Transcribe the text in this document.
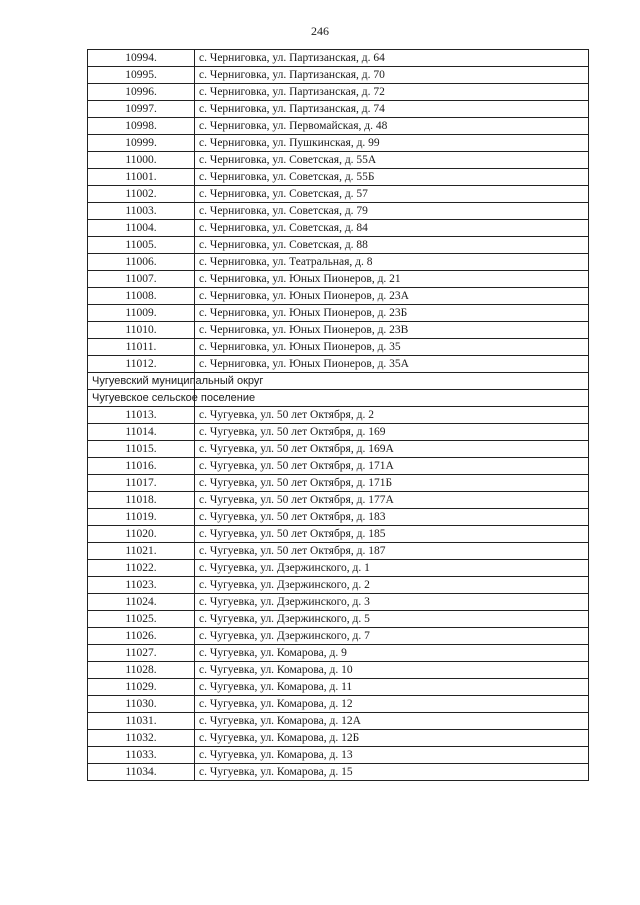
246
10994.	с. Черниговка, ул. Партизанская, д. 64
10995.	с. Черниговка, ул. Партизанская, д. 70
10996.	с. Черниговка, ул. Партизанская, д. 72
10997.	с. Черниговка, ул. Партизанская, д. 74
10998.	с. Черниговка, ул. Первомайская, д. 48
10999.	с. Черниговка, ул. Пушкинская, д. 99
11000.	с. Черниговка, ул. Советская, д. 55А
11001.	с. Черниговка, ул. Советская, д. 55Б
11002.	с. Черниговка, ул. Советская, д. 57
11003.	с. Черниговка, ул. Советская, д. 79
11004.	с. Черниговка, ул. Советская, д. 84
11005.	с. Черниговка, ул. Советская, д. 88
11006.	с. Черниговка, ул. Театральная, д. 8
11007.	с. Черниговка, ул. Юных Пионеров, д. 21
11008.	с. Черниговка, ул. Юных Пионеров, д. 23А
11009.	с. Черниговка, ул. Юных Пионеров, д. 23Б
11010.	с. Черниговка, ул. Юных Пионеров, д. 23В
11011.	с. Черниговка, ул. Юных Пионеров, д. 35
11012.	с. Черниговка, ул. Юных Пионеров, д. 35А
Чугуевский муниципальный округ	
Чугуевское сельское поселение	
11013.	с. Чугуевка, ул. 50 лет Октября, д. 2
11014.	с. Чугуевка, ул. 50 лет Октября, д. 169
11015.	с. Чугуевка, ул. 50 лет Октября, д. 169А
11016.	с. Чугуевка, ул. 50 лет Октября, д. 171А
11017.	с. Чугуевка, ул. 50 лет Октября, д. 171Б
11018.	с. Чугуевка, ул. 50 лет Октября, д. 177А
11019.	с. Чугуевка, ул. 50 лет Октября, д. 183
11020.	с. Чугуевка, ул. 50 лет Октября, д. 185
11021.	с. Чугуевка, ул. 50 лет Октября, д. 187
11022.	с. Чугуевка, ул. Дзержинского, д. 1
11023.	с. Чугуевка, ул. Дзержинского, д. 2
11024.	с. Чугуевка, ул. Дзержинского, д. 3
11025.	с. Чугуевка, ул. Дзержинского, д. 5
11026.	с. Чугуевка, ул. Дзержинского, д. 7
11027.	с. Чугуевка, ул. Комарова, д. 9
11028.	с. Чугуевка, ул. Комарова, д. 10
11029.	с. Чугуевка, ул. Комарова, д. 11
11030.	с. Чугуевка, ул. Комарова, д. 12
11031.	с. Чугуевка, ул. Комарова, д. 12А
11032.	с. Чугуевка, ул. Комарова, д. 12Б
11033.	с. Чугуевка, ул. Комарова, д. 13
11034.	с. Чугуевка, ул. Комарова, д. 15
